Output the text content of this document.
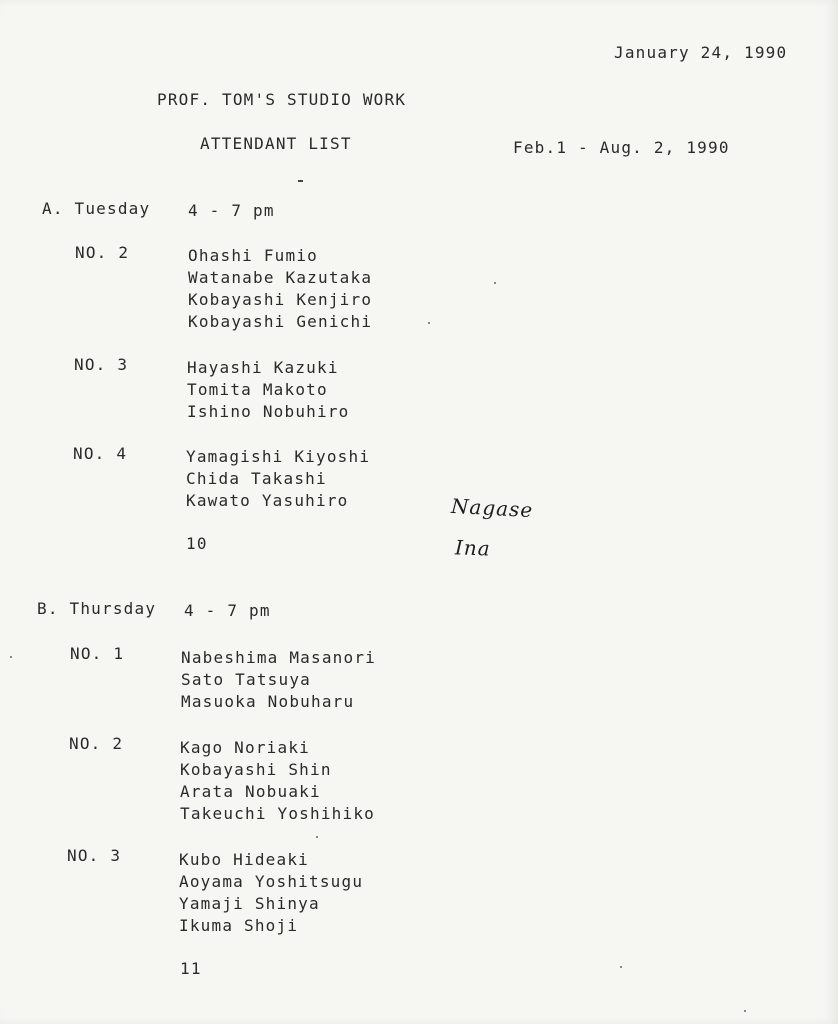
January 24, 1990
PROF. TOM'S STUDIO WORK
ATTENDANT LIST	Feb.1 - Aug. 2, 1990
A. Tuesday 4 - 7 pm
NO. 2	Ohashi Fumio
Watanabe Kazutaka
Kobayashi Kenjiro
Kobayashi Genichi
NO. 3	Hayashi Kazuki
Tomita Makoto
Ishino Nobuhiro
NO. 4	Yamagishi Kiyoshi
Chida Takashi
Kawato Yasuhiro
10
Nagase
Ina
B. Thursday 4 - 7 pm
NO. 1	Nabeshima Masanori
Sato Tatsuya
Masuoka Nobuharu
NO. 2	Kago Noriaki
Kobayashi Shin
Arata Nobuaki
Takeuchi Yoshihiko
NO. 3	Kubo Hideaki
Aoyama Yoshitsugu
Yamaji Shinya
Ikuma Shoji
11
